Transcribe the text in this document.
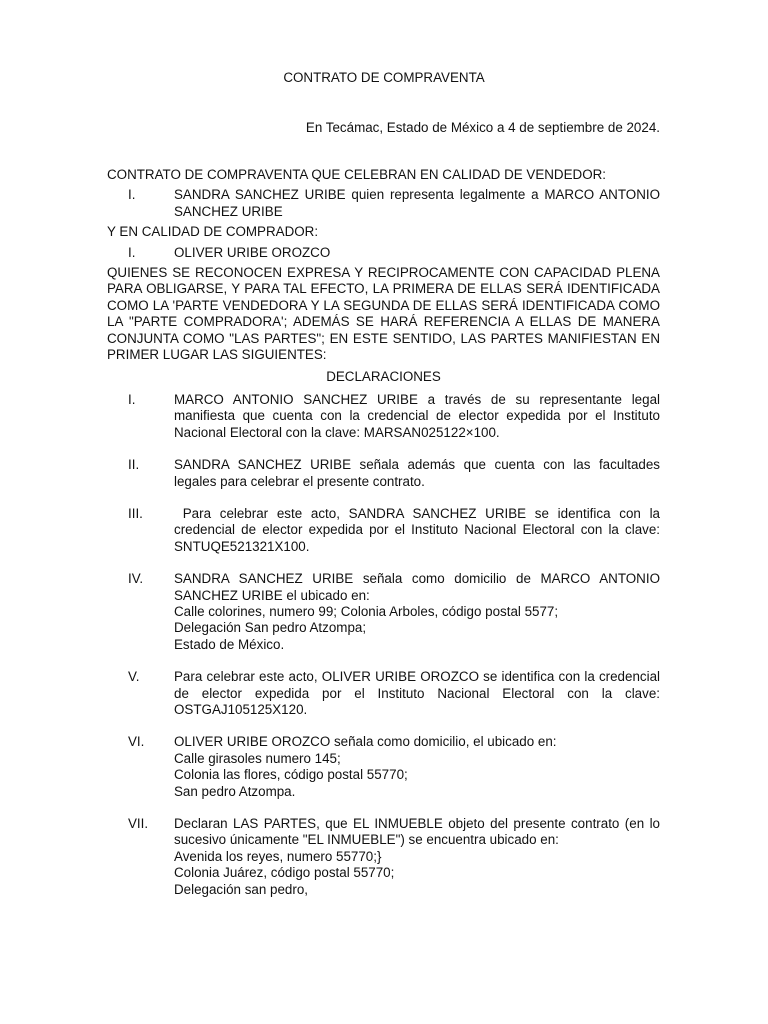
CONTRATO DE COMPRAVENTA
En Tecámac, Estado de México a 4 de septiembre de 2024.

CONTRATO DE COMPRAVENTA QUE CELEBRAN EN CALIDAD DE VENDEDOR:

I.	SANDRA SANCHEZ URIBE quien representa legalmente a MARCO ANTONIO SANCHEZ URIBE

Y EN CALIDAD DE COMPRADOR:

I.	OLIVER URIBE OROZCO

QUIENES SE RECONOCEN EXPRESA Y RECIPROCAMENTE CON CAPACIDAD PLENA PARA OBLIGARSE, Y PARA TAL EFECTO, LA PRIMERA DE ELLAS SERÁ IDENTIFICADA COMO LA 'PARTE VENDEDORA Y LA SEGUNDA DE ELLAS SERÁ IDENTIFICADA COMO LA "PARTE COMPRADORA'; ADEMÁS SE HARÁ REFERENCIA A ELLAS DE MANERA CONJUNTA COMO "LAS PARTES"; EN ESTE SENTIDO, LAS PARTES MANIFIESTAN EN PRIMER LUGAR LAS SIGUIENTES:

DECLARACIONES

I.	MARCO ANTONIO SANCHEZ URIBE a través de su representante legal manifiesta que cuenta con la credencial de elector expedida por el Instituto Nacional Electoral con la clave: MARSAN025122×100.
II.	SANDRA SANCHEZ URIBE señala además que cuenta con las facultades legales para celebrar el presente contrato.
III.	Para celebrar este acto, SANDRA SANCHEZ URIBE se identifica con la credencial de elector expedida por el Instituto Nacional Electoral con la clave: SNTUQE521321X100.
IV.	SANDRA SANCHEZ URIBE señala como domicilio de MARCO ANTONIO SANCHEZ URIBE el ubicado en:
Calle colorines, numero 99; Colonia Arboles, código postal 5577;
Delegación San pedro Atzompa;
Estado de México.
V.	Para celebrar este acto, OLIVER URIBE OROZCO se identifica con la credencial de elector expedida por el Instituto Nacional Electoral con la clave: OSTGAJ105125X120.
VI.	OLIVER URIBE OROZCO señala como domicilio, el ubicado en:
Calle girasoles numero 145;
Colonia las flores, código postal 55770;
San pedro Atzompa.
VII.	Declaran LAS PARTES, que EL INMUEBLE objeto del presente contrato (en lo sucesivo únicamente "EL INMUEBLE") se encuentra ubicado en:
Avenida los reyes, numero 55770;}
Colonia Juárez, código postal 55770;
Delegación san pedro,
